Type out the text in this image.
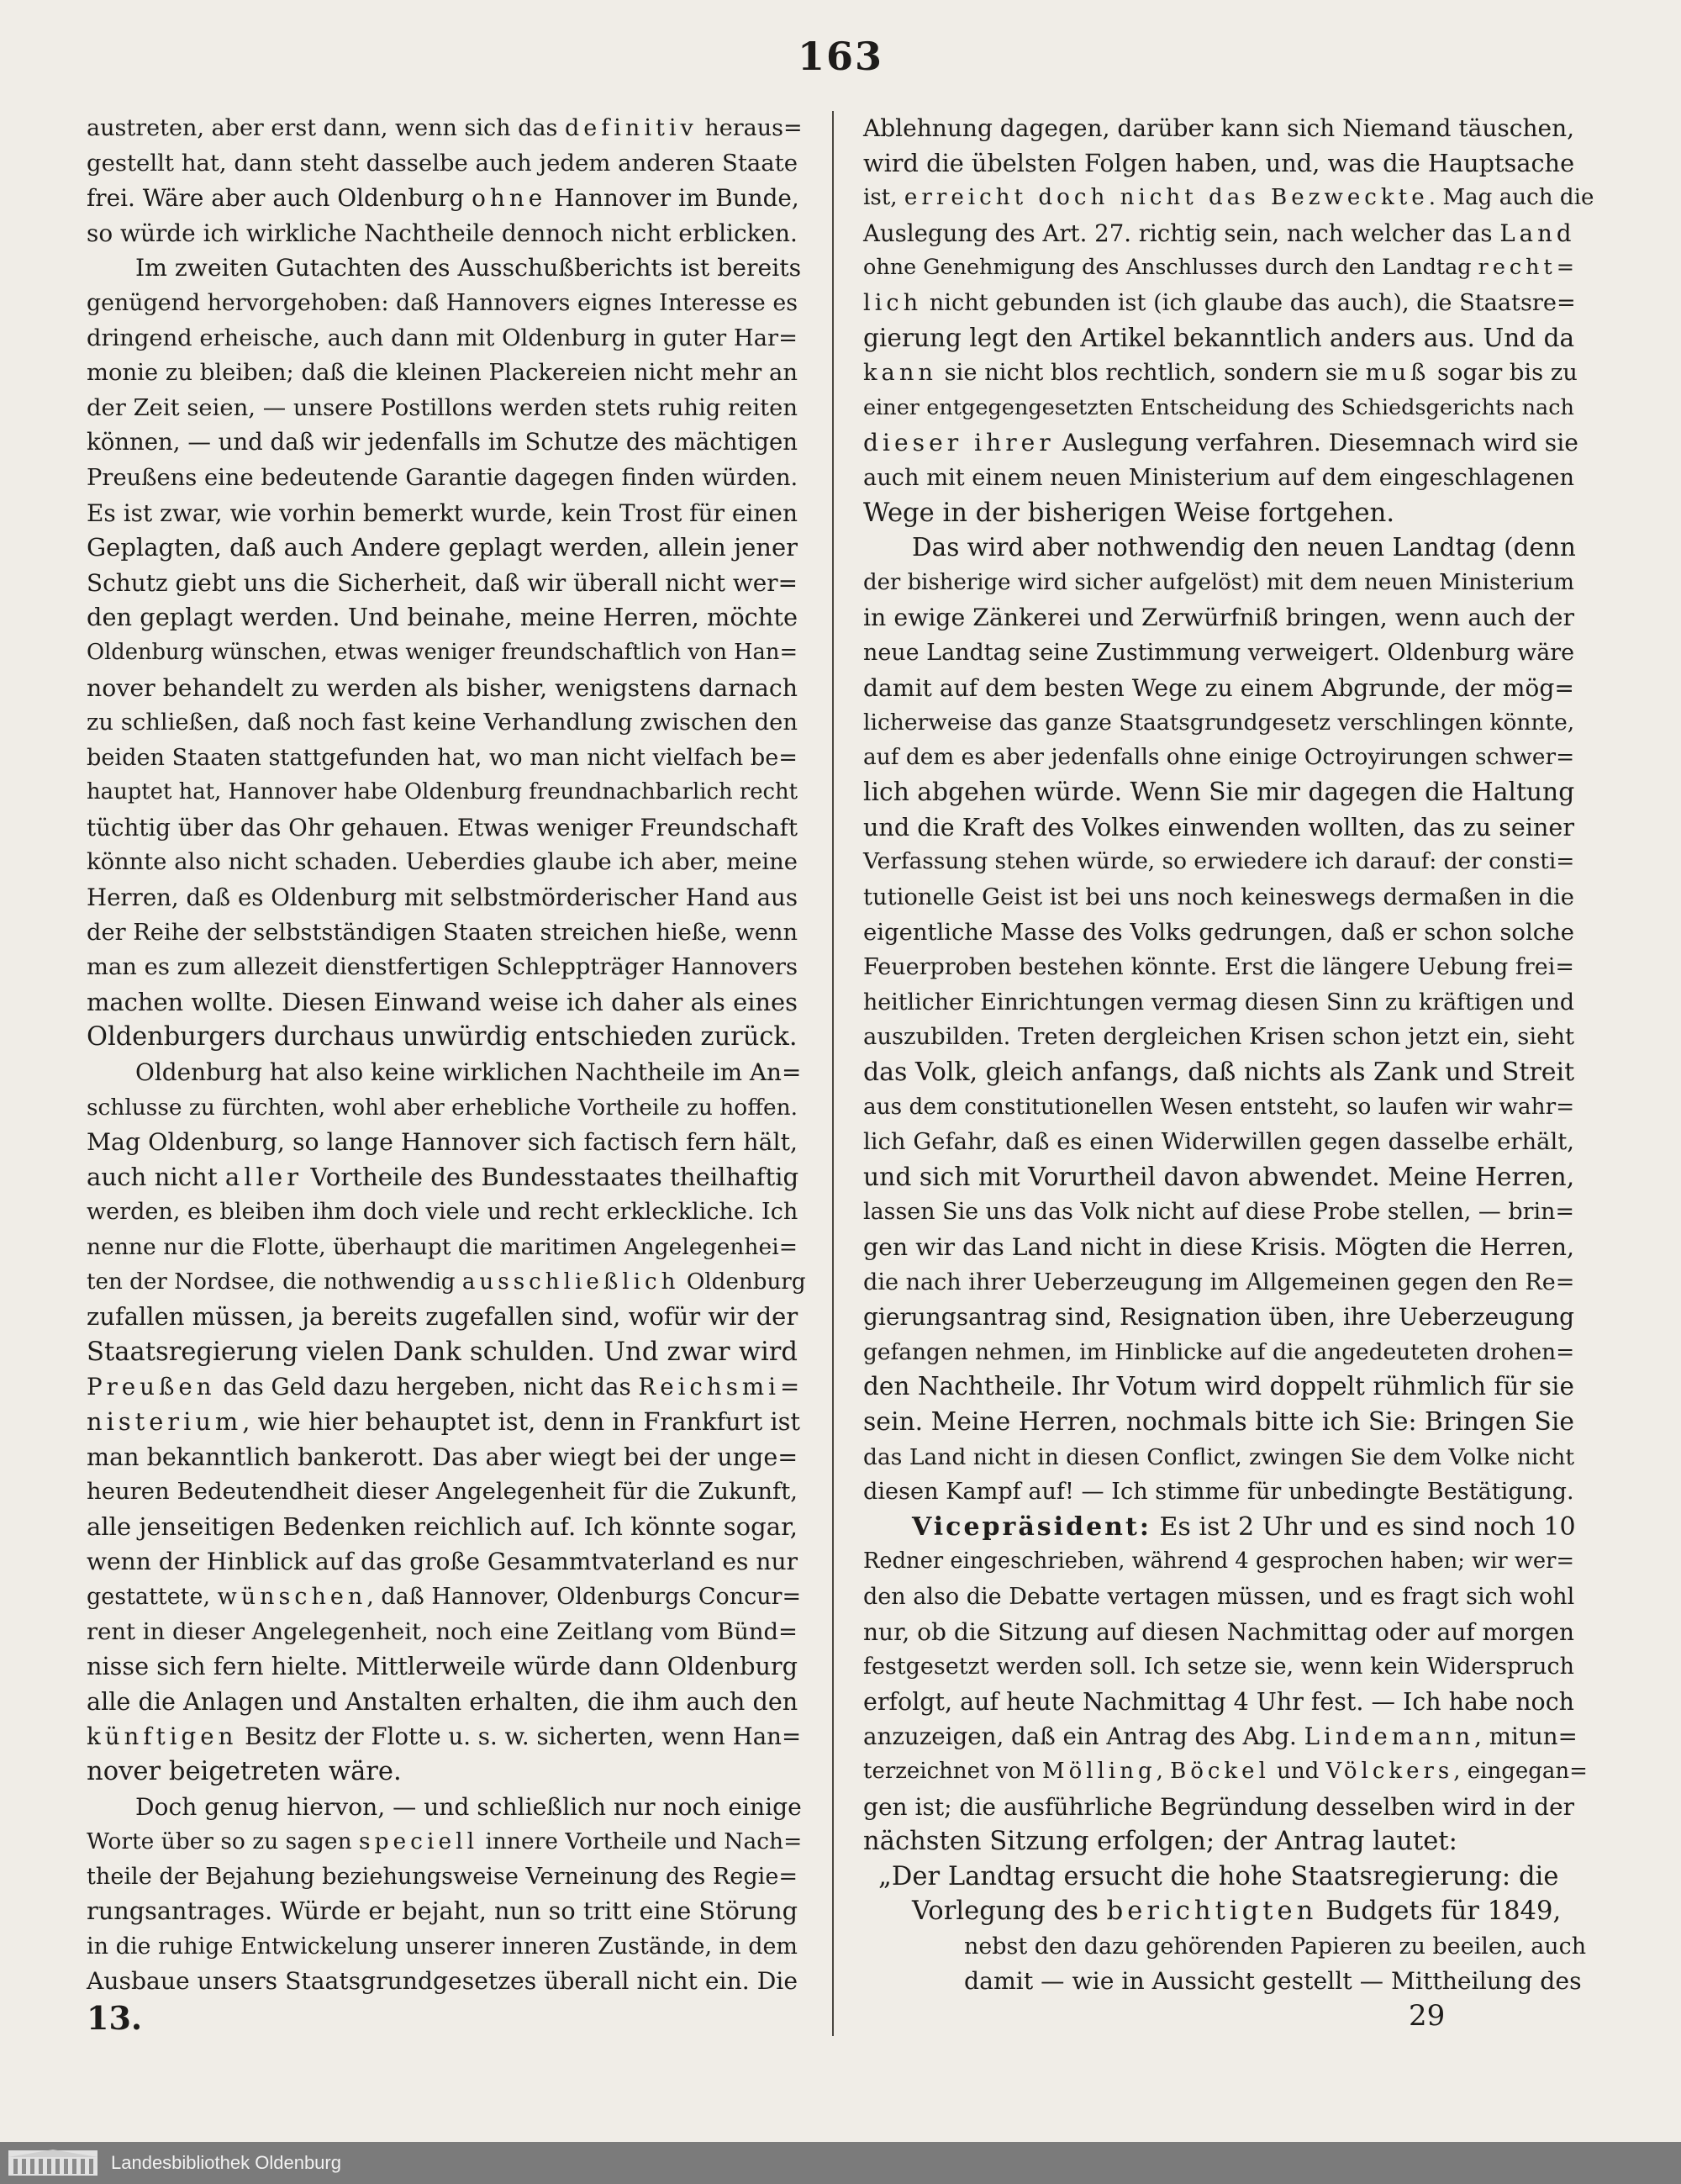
163
austreten, aber erst dann, wenn sich das definitiv heraus=
gestellt hat, dann steht dasselbe auch jedem anderen Staate
frei. Wäre aber auch Oldenburg ohne Hannover im Bunde,
so würde ich wirkliche Nachtheile dennoch nicht erblicken.
Im zweiten Gutachten des Ausschußberichts ist bereits
genügend hervorgehoben: daß Hannovers eignes Interesse es
dringend erheische, auch dann mit Oldenburg in guter Har=
monie zu bleiben; daß die kleinen Plackereien nicht mehr an
der Zeit seien, — unsere Postillons werden stets ruhig reiten
können, — und daß wir jedenfalls im Schutze des mächtigen
Preußens eine bedeutende Garantie dagegen finden würden.
Es ist zwar, wie vorhin bemerkt wurde, kein Trost für einen
Geplagten, daß auch Andere geplagt werden, allein jener
Schutz giebt uns die Sicherheit, daß wir überall nicht wer=
den geplagt werden. Und beinahe, meine Herren, möchte
Oldenburg wünschen, etwas weniger freundschaftlich von Han=
nover behandelt zu werden als bisher, wenigstens darnach
zu schließen, daß noch fast keine Verhandlung zwischen den
beiden Staaten stattgefunden hat, wo man nicht vielfach be=
hauptet hat, Hannover habe Oldenburg freundnachbarlich recht
tüchtig über das Ohr gehauen. Etwas weniger Freundschaft
könnte also nicht schaden. Ueberdies glaube ich aber, meine
Herren, daß es Oldenburg mit selbstmörderischer Hand aus
der Reihe der selbstständigen Staaten streichen hieße, wenn
man es zum allezeit dienstfertigen Schleppträger Hannovers
machen wollte. Diesen Einwand weise ich daher als eines
Oldenburgers durchaus unwürdig entschieden zurück.
Oldenburg hat also keine wirklichen Nachtheile im An=
schlusse zu fürchten, wohl aber erhebliche Vortheile zu hoffen.
Mag Oldenburg, so lange Hannover sich factisch fern hält,
auch nicht aller Vortheile des Bundesstaates theilhaftig
werden, es bleiben ihm doch viele und recht erkleckliche. Ich
nenne nur die Flotte, überhaupt die maritimen Angelegenhei=
ten der Nordsee, die nothwendig ausschließlich Oldenburg
zufallen müssen, ja bereits zugefallen sind, wofür wir der
Staatsregierung vielen Dank schulden. Und zwar wird
Preußen das Geld dazu hergeben, nicht das Reichsmi=
nisterium, wie hier behauptet ist, denn in Frankfurt ist
man bekanntlich bankerott. Das aber wiegt bei der unge=
heuren Bedeutendheit dieser Angelegenheit für die Zukunft,
alle jenseitigen Bedenken reichlich auf. Ich könnte sogar,
wenn der Hinblick auf das große Gesammtvaterland es nur
gestattete, wünschen, daß Hannover, Oldenburgs Concur=
rent in dieser Angelegenheit, noch eine Zeitlang vom Bünd=
nisse sich fern hielte. Mittlerweile würde dann Oldenburg
alle die Anlagen und Anstalten erhalten, die ihm auch den
künftigen Besitz der Flotte u. s. w. sicherten, wenn Han=
nover beigetreten wäre.
Doch genug hiervon, — und schließlich nur noch einige
Worte über so zu sagen speciell innere Vortheile und Nach=
theile der Bejahung beziehungsweise Verneinung des Regie=
rungsantrages. Würde er bejaht, nun so tritt eine Störung
in die ruhige Entwickelung unserer inneren Zustände, in dem
Ausbaue unsers Staatsgrundgesetzes überall nicht ein. Die
Ablehnung dagegen, darüber kann sich Niemand täuschen,
wird die übelsten Folgen haben, und, was die Hauptsache
ist, erreicht doch nicht das Bezweckte. Mag auch die
Auslegung des Art. 27. richtig sein, nach welcher das Land
ohne Genehmigung des Anschlusses durch den Landtag recht=
lich nicht gebunden ist (ich glaube das auch), die Staatsre=
gierung legt den Artikel bekanntlich anders aus. Und da
kann sie nicht blos rechtlich, sondern sie muß sogar bis zu
einer entgegengesetzten Entscheidung des Schiedsgerichts nach
dieser ihrer Auslegung verfahren. Diesemnach wird sie
auch mit einem neuen Ministerium auf dem eingeschlagenen
Wege in der bisherigen Weise fortgehen.
Das wird aber nothwendig den neuen Landtag (denn
der bisherige wird sicher aufgelöst) mit dem neuen Ministerium
in ewige Zänkerei und Zerwürfniß bringen, wenn auch der
neue Landtag seine Zustimmung verweigert. Oldenburg wäre
damit auf dem besten Wege zu einem Abgrunde, der mög=
licherweise das ganze Staatsgrundgesetz verschlingen könnte,
auf dem es aber jedenfalls ohne einige Octroyirungen schwer=
lich abgehen würde. Wenn Sie mir dagegen die Haltung
und die Kraft des Volkes einwenden wollten, das zu seiner
Verfassung stehen würde, so erwiedere ich darauf: der consti=
tutionelle Geist ist bei uns noch keineswegs dermaßen in die
eigentliche Masse des Volks gedrungen, daß er schon solche
Feuerproben bestehen könnte. Erst die längere Uebung frei=
heitlicher Einrichtungen vermag diesen Sinn zu kräftigen und
auszubilden. Treten dergleichen Krisen schon jetzt ein, sieht
das Volk, gleich anfangs, daß nichts als Zank und Streit
aus dem constitutionellen Wesen entsteht, so laufen wir wahr=
lich Gefahr, daß es einen Widerwillen gegen dasselbe erhält,
und sich mit Vorurtheil davon abwendet. Meine Herren,
lassen Sie uns das Volk nicht auf diese Probe stellen, — brin=
gen wir das Land nicht in diese Krisis. Mögten die Herren,
die nach ihrer Ueberzeugung im Allgemeinen gegen den Re=
gierungsantrag sind, Resignation üben, ihre Ueberzeugung
gefangen nehmen, im Hinblicke auf die angedeuteten drohen=
den Nachtheile. Ihr Votum wird doppelt rühmlich für sie
sein. Meine Herren, nochmals bitte ich Sie: Bringen Sie
das Land nicht in diesen Conflict, zwingen Sie dem Volke nicht
diesen Kampf auf! — Ich stimme für unbedingte Bestätigung.
Vicepräsident: Es ist 2 Uhr und es sind noch 10
Redner eingeschrieben, während 4 gesprochen haben; wir wer=
den also die Debatte vertagen müssen, und es fragt sich wohl
nur, ob die Sitzung auf diesen Nachmittag oder auf morgen
festgesetzt werden soll. Ich setze sie, wenn kein Widerspruch
erfolgt, auf heute Nachmittag 4 Uhr fest. — Ich habe noch
anzuzeigen, daß ein Antrag des Abg. Lindemann, mitun=
terzeichnet von Mölling, Böckel und Völckers, eingegan=
gen ist; die ausführliche Begründung desselben wird in der
nächsten Sitzung erfolgen; der Antrag lautet:
„Der Landtag ersucht die hohe Staatsregierung: die
Vorlegung des berichtigten Budgets für 1849,
nebst den dazu gehörenden Papieren zu beeilen, auch
damit — wie in Aussicht gestellt — Mittheilung des
13.	29
Landesbibliothek Oldenburg
